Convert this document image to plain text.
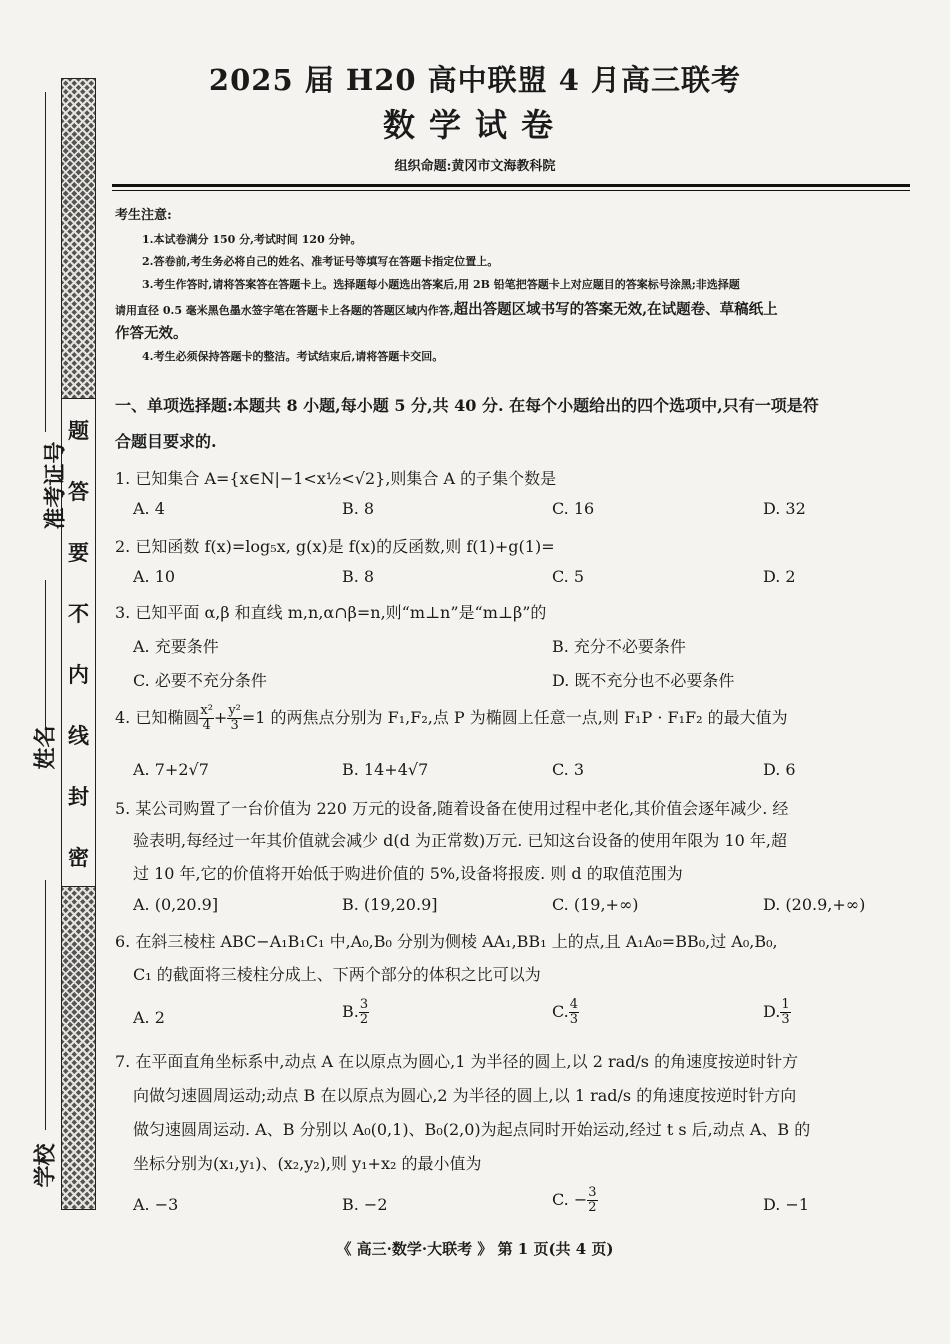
题
答
要
不
内
线
封
密
准考证号
姓名
学校
2025 届 H20 高中联盟 4 月高三联考
数学试卷
组织命题:黄冈市文海教科院
考生注意:
1.本试卷满分 150 分,考试时间 120 分钟。
2.答卷前,考生务必将自己的姓名、准考证号等填写在答题卡指定位置上。
3.考生作答时,请将答案答在答题卡上。选择题每小题选出答案后,用 2B 铅笔把答题卡上对应题目的答案标号涂黑;非选择题
请用直径 0.5 毫米黑色墨水签字笔在答题卡上各题的答题区域内作答,超出答题区域书写的答案无效,在试题卷、草稿纸上
作答无效。
4.考生必须保持答题卡的整洁。考试结束后,请将答题卡交回。
一、单项选择题:本题共 8 小题,每小题 5 分,共 40 分. 在每个小题给出的四个选项中,只有一项是符
合题目要求的.
1. 已知集合 A={x∈N|−1<x½<√2},则集合 A 的子集个数是
A. 4	B. 8	C. 16	D. 32
2. 已知函数 f(x)=log₅x, g(x)是 f(x)的反函数,则 f(1)+g(1)=
A. 10	B. 8	C. 5	D. 2
3. 已知平面 α,β 和直线 m,n,α∩β=n,则“m⊥n”是“m⊥β”的
A. 充要条件	B. 充分不必要条件
C. 必要不充分条件	D. 既不充分也不必要条件
4. 已知椭圆 $\frac{\text{x²}}{4} + \frac{\text{y²}}{3} =1$ 的两焦点分别为 F₁,F₂,点 P 为椭圆上任意一点,则 F₁P · F₁F₂ 的最大值为
A. 7+2√7	B. 14+4√7	C. 3	D. 6
5. 某公司购置了一台价值为 220 万元的设备,随着设备在使用过程中老化,其价值会逐年减少. 经
验表明,每经过一年其价值就会减少 d(d 为正常数)万元. 已知这台设备的使用年限为 10 年,超
过 10 年,它的价值将开始低于购进价值的 5%,设备将报废. 则 d 的取值范围为
A. (0,20.9]	B. (19,20.9]	C. (19,+∞)	D. (20.9,+∞)
6. 在斜三棱柱 ABC−A₁B₁C₁ 中,A₀,B₀ 分别为侧棱 AA₁,BB₁ 上的点,且 A₁A₀=BB₀,过 A₀,B₀,
C₁ 的截面将三棱柱分成上、下两个部分的体积之比可以为
A. 2	B. $\frac{3}{2}$	C. $\frac{4}{3}$	D. $\frac{1}{3}$
7. 在平面直角坐标系中,动点 A 在以原点为圆心,1 为半径的圆上,以 2 rad/s 的角速度按逆时针方
向做匀速圆周运动;动点 B 在以原点为圆心,2 为半径的圆上,以 1 rad/s 的角速度按逆时针方向
做匀速圆周运动. A、B 分别以 A₀(0,1)、B₀(2,0)为起点同时开始运动,经过 t s 后,动点 A、B 的
坐标分别为(x₁,y₁)、(x₂,y₂),则 y₁+x₂ 的最小值为
A. −3	B. −2	C. − $\frac{3}{2}$	D. −1
《 高三·数学·大联考 》 第 1 页(共 4 页)
